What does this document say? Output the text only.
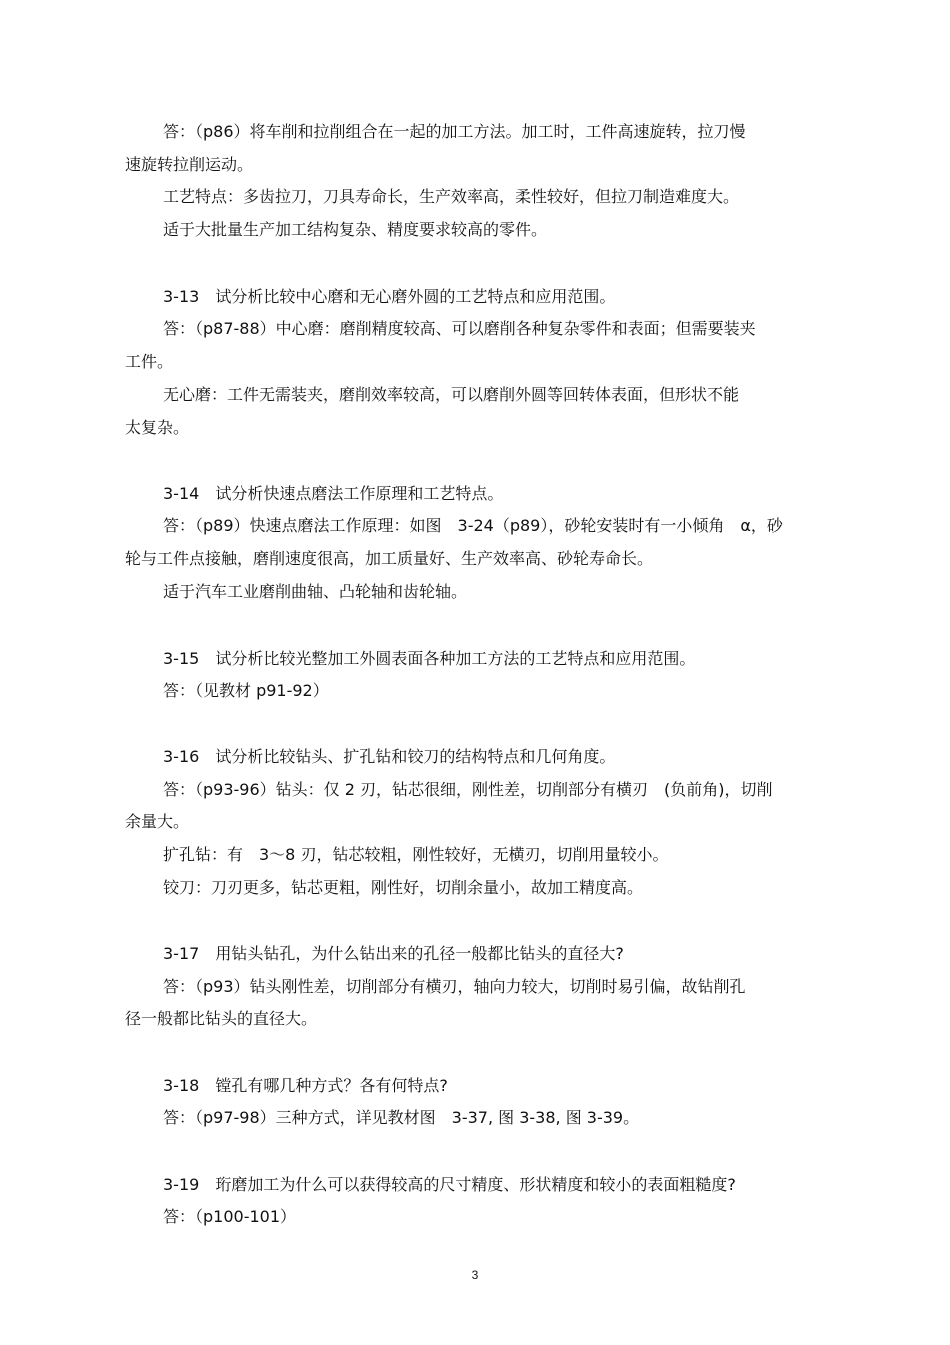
答：（p86）将车削和拉削组合在一起的加工方法。加工时，工件高速旋转，拉刀慢
速旋转拉削运动。
工艺特点：多齿拉刀，刀具寿命长，生产效率高，柔性较好，但拉刀制造难度大。
适于大批量生产加工结构复杂、精度要求较高的零件。
3-13　试分析比较中心磨和无心磨外圆的工艺特点和应用范围。
答：（p87-88）中心磨：磨削精度较高、可以磨削各种复杂零件和表面；但需要装夹
工件。
无心磨：工件无需装夹，磨削效率较高，可以磨削外圆等回转体表面，但形状不能
太复杂。
3-14　试分析快速点磨法工作原理和工艺特点。
答：（p89）快速点磨法工作原理：如图　3-24（p89），砂轮安装时有一小倾角　α，砂
轮与工件点接触，磨削速度很高，加工质量好、生产效率高、砂轮寿命长。
适于汽车工业磨削曲轴、凸轮轴和齿轮轴。
3-15　试分析比较光整加工外圆表面各种加工方法的工艺特点和应用范围。
答：（见教材 p91-92）
3-16　试分析比较钻头、扩孔钻和铰刀的结构特点和几何角度。
答：（p93-96）钻头：仅 2 刃，钻芯很细，刚性差，切削部分有横刃　(负前角)，切削
余量大。
扩孔钻：有　3～8 刃，钻芯较粗，刚性较好，无横刃，切削用量较小。
铰刀：刀刃更多，钻芯更粗，刚性好，切削余量小，故加工精度高。
3-17　用钻头钻孔，为什么钻出来的孔径一般都比钻头的直径大?
答：（p93）钻头刚性差，切削部分有横刃，轴向力较大，切削时易引偏，故钻削孔
径一般都比钻头的直径大。
3-18　镗孔有哪几种方式？各有何特点?
答：（p97-98）三种方式，详见教材图　3-37, 图 3-38, 图 3-39。
3-19　珩磨加工为什么可以获得较高的尺寸精度、形状精度和较小的表面粗糙度?
答：（p100-101）
3
